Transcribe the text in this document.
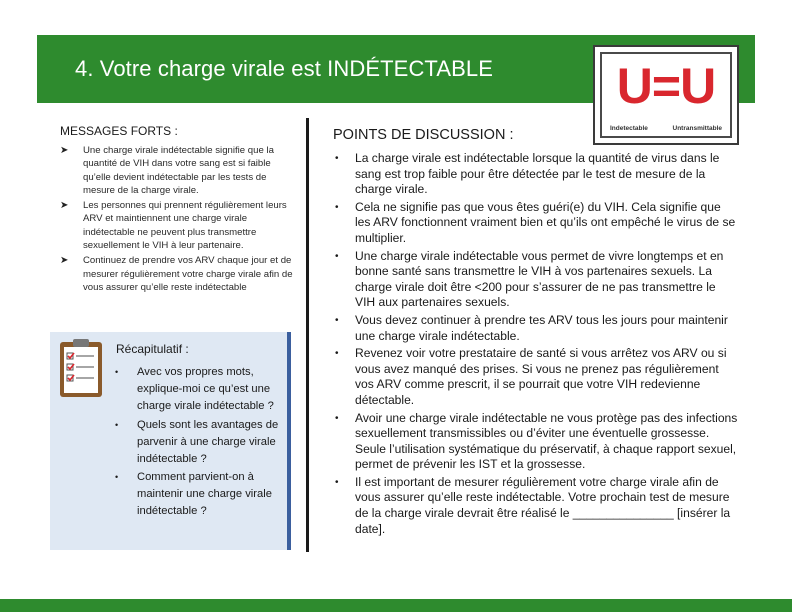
4. Votre charge virale est INDÉTECTABLE U=U
Indetectable	Untransmittable
MESSAGES FORTS :
➤ Une charge virale indétectable signifie que la quantité de VIH dans votre sang est si faible qu’elle devient indétectable par les tests de mesure de la charge virale.
➤ Les personnes qui prennent régulièrement leurs ARV et maintiennent une charge virale indétectable ne peuvent plus transmettre sexuellement le VIH à leur partenaire.
➤ Continuez de prendre vos ARV chaque jour et de mesurer régulièrement votre charge virale afin de vous assurer qu’elle reste indétectable
Récapitulatif :
• Avec vos propres mots, explique-moi ce qu’est une charge virale indétectable ?
• Quels sont les avantages de parvenir à une charge virale indétectable ?
• Comment parvient-on à maintenir une charge virale indétectable ?
POINTS DE DISCUSSION :
• La charge virale est indétectable lorsque la quantité de virus dans le sang est trop faible pour être détectée par le test de mesure de la charge virale.
• Cela ne signifie pas que vous êtes guéri(e) du VIH. Cela signifie que les ARV fonctionnent vraiment bien et qu’ils ont empêché le virus de se multiplier.
• Une charge virale indétectable vous permet de vivre longtemps et en bonne santé sans transmettre le VIH à vos partenaires sexuels. La charge virale doit être <200 pour s’assurer de ne pas transmettre le VIH aux partenaires sexuels.
• Vous devez continuer à prendre tes ARV tous les jours pour maintenir une charge virale indétectable.
• Revenez voir votre prestataire de santé si vous arrêtez vos ARV ou si vous avez manqué des prises. Si vous ne prenez pas régulièrement vos ARV comme prescrit, il se pourrait que votre VIH redevienne détectable.
• Avoir une charge virale indétectable ne vous protège pas des infections sexuellement transmissibles ou d’éviter une éventuelle grossesse. Seule l’utilisation systématique du préservatif, à chaque rapport sexuel, permet de prévenir les IST et la grossesse.
• Il est important de mesurer régulièrement votre charge virale afin de vous assurer qu’elle reste indétectable. Votre prochain test de mesure de la charge virale devrait être réalisé le _______________ [insérer la date].
